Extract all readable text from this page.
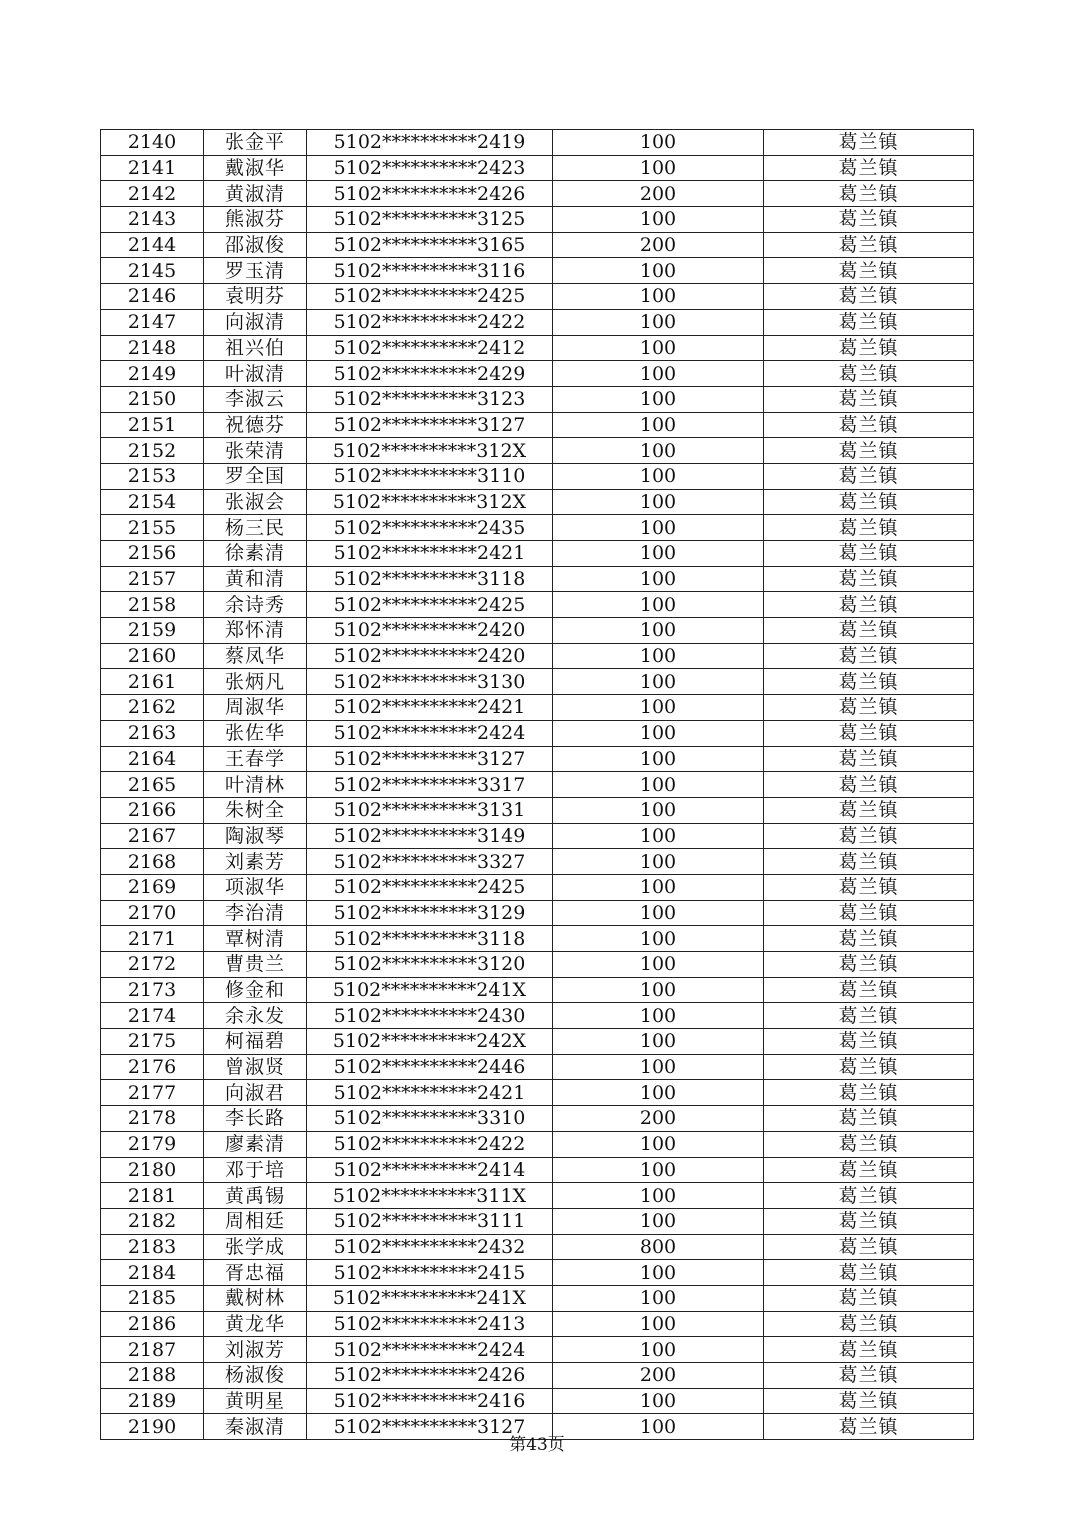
2140	张金平	5102**********2419	100	葛兰镇
2141	戴淑华	5102**********2423	100	葛兰镇
2142	黄淑清	5102**********2426	200	葛兰镇
2143	熊淑芬	5102**********3125	100	葛兰镇
2144	邵淑俊	5102**********3165	200	葛兰镇
2145	罗玉清	5102**********3116	100	葛兰镇
2146	袁明芬	5102**********2425	100	葛兰镇
2147	向淑清	5102**********2422	100	葛兰镇
2148	祖兴伯	5102**********2412	100	葛兰镇
2149	叶淑清	5102**********2429	100	葛兰镇
2150	李淑云	5102**********3123	100	葛兰镇
2151	祝德芬	5102**********3127	100	葛兰镇
2152	张荣清	5102**********312X	100	葛兰镇
2153	罗全国	5102**********3110	100	葛兰镇
2154	张淑会	5102**********312X	100	葛兰镇
2155	杨三民	5102**********2435	100	葛兰镇
2156	徐素清	5102**********2421	100	葛兰镇
2157	黄和清	5102**********3118	100	葛兰镇
2158	余诗秀	5102**********2425	100	葛兰镇
2159	郑怀清	5102**********2420	100	葛兰镇
2160	蔡凤华	5102**********2420	100	葛兰镇
2161	张炳凡	5102**********3130	100	葛兰镇
2162	周淑华	5102**********2421	100	葛兰镇
2163	张佐华	5102**********2424	100	葛兰镇
2164	王春学	5102**********3127	100	葛兰镇
2165	叶清林	5102**********3317	100	葛兰镇
2166	朱树全	5102**********3131	100	葛兰镇
2167	陶淑琴	5102**********3149	100	葛兰镇
2168	刘素芳	5102**********3327	100	葛兰镇
2169	项淑华	5102**********2425	100	葛兰镇
2170	李治清	5102**********3129	100	葛兰镇
2171	覃树清	5102**********3118	100	葛兰镇
2172	曹贵兰	5102**********3120	100	葛兰镇
2173	修金和	5102**********241X	100	葛兰镇
2174	余永发	5102**********2430	100	葛兰镇
2175	柯福碧	5102**********242X	100	葛兰镇
2176	曾淑贤	5102**********2446	100	葛兰镇
2177	向淑君	5102**********2421	100	葛兰镇
2178	李长路	5102**********3310	200	葛兰镇
2179	廖素清	5102**********2422	100	葛兰镇
2180	邓于培	5102**********2414	100	葛兰镇
2181	黄禹锡	5102**********311X	100	葛兰镇
2182	周相廷	5102**********3111	100	葛兰镇
2183	张学成	5102**********2432	800	葛兰镇
2184	胥忠福	5102**********2415	100	葛兰镇
2185	戴树林	5102**********241X	100	葛兰镇
2186	黄龙华	5102**********2413	100	葛兰镇
2187	刘淑芳	5102**********2424	100	葛兰镇
2188	杨淑俊	5102**********2426	200	葛兰镇
2189	黄明星	5102**********2416	100	葛兰镇
2190	秦淑清	5102**********3127	100	葛兰镇
第43页
